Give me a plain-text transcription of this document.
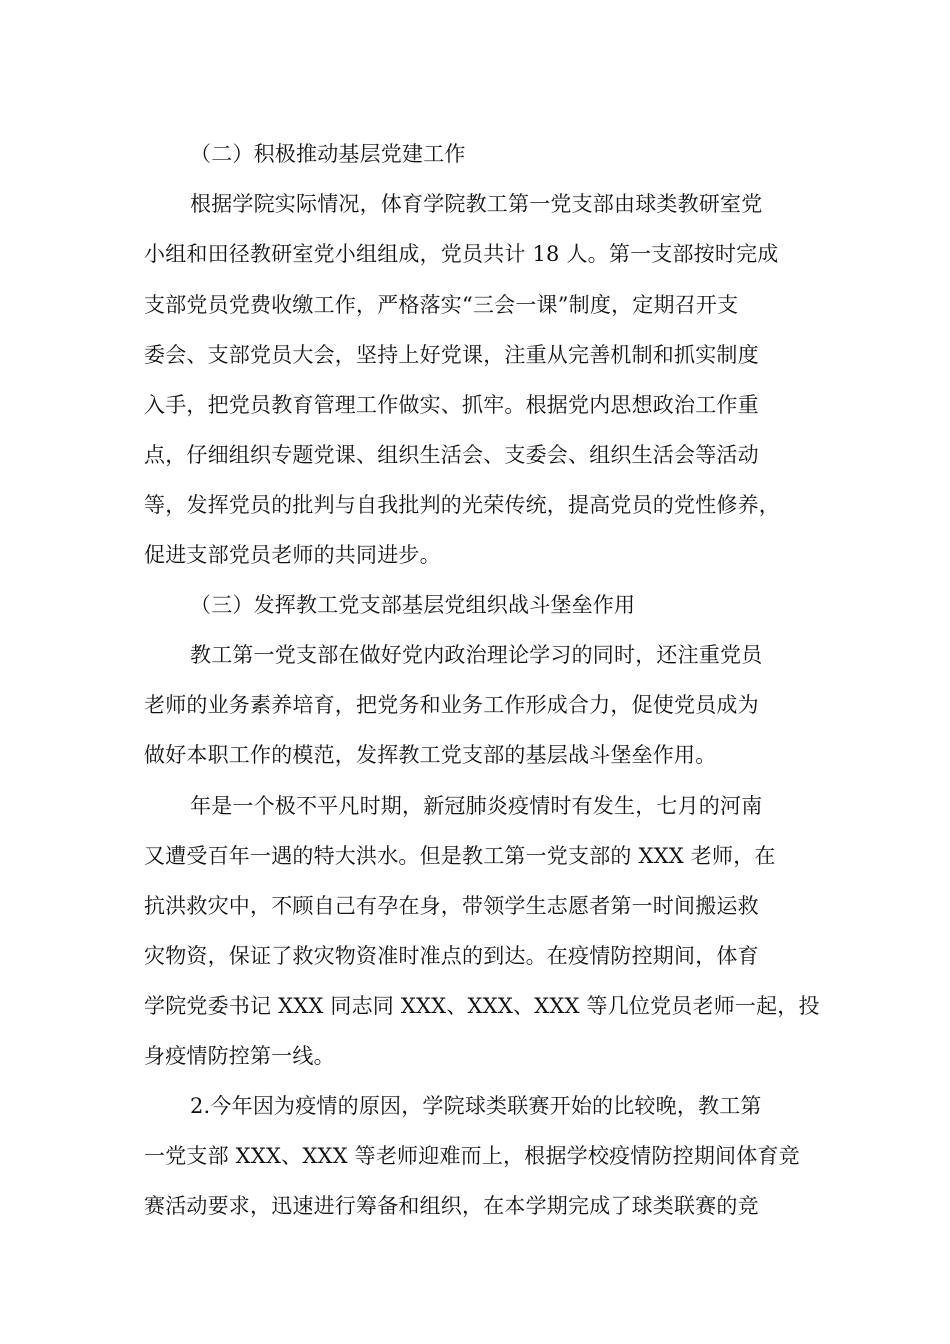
（二）积极推动基层党建工作
根据学院实际情况，体育学院教工第一党支部由球类教研室党
小组和田径教研室党小组组成，党员共计 18 人。第一支部按时完成
支部党员党费收缴工作，严格落实“三会一课”制度，定期召开支
委会、支部党员大会，坚持上好党课，注重从完善机制和抓实制度
入手，把党员教育管理工作做实、抓牢。根据党内思想政治工作重
点，仔细组织专题党课、组织生活会、支委会、组织生活会等活动
等，发挥党员的批判与自我批判的光荣传统，提高党员的党性修养，
促进支部党员老师的共同进步。
（三）发挥教工党支部基层党组织战斗堡垒作用
教工第一党支部在做好党内政治理论学习的同时，还注重党员
老师的业务素养培育，把党务和业务工作形成合力，促使党员成为
做好本职工作的模范，发挥教工党支部的基层战斗堡垒作用。
年是一个极不平凡时期，新冠肺炎疫情时有发生，七月的河南
又遭受百年一遇的特大洪水。但是教工第一党支部的 XXX 老师，在
抗洪救灾中，不顾自己有孕在身，带领学生志愿者第一时间搬运救
灾物资，保证了救灾物资准时准点的到达。在疫情防控期间，体育
学院党委书记 XXX 同志同 XXX、XXX、XXX 等几位党员老师一起，投
身疫情防控第一线。
2.今年因为疫情的原因，学院球类联赛开始的比较晚，教工第
一党支部 XXX、XXX 等老师迎难而上，根据学校疫情防控期间体育竞
赛活动要求，迅速进行筹备和组织，在本学期完成了球类联赛的竞
